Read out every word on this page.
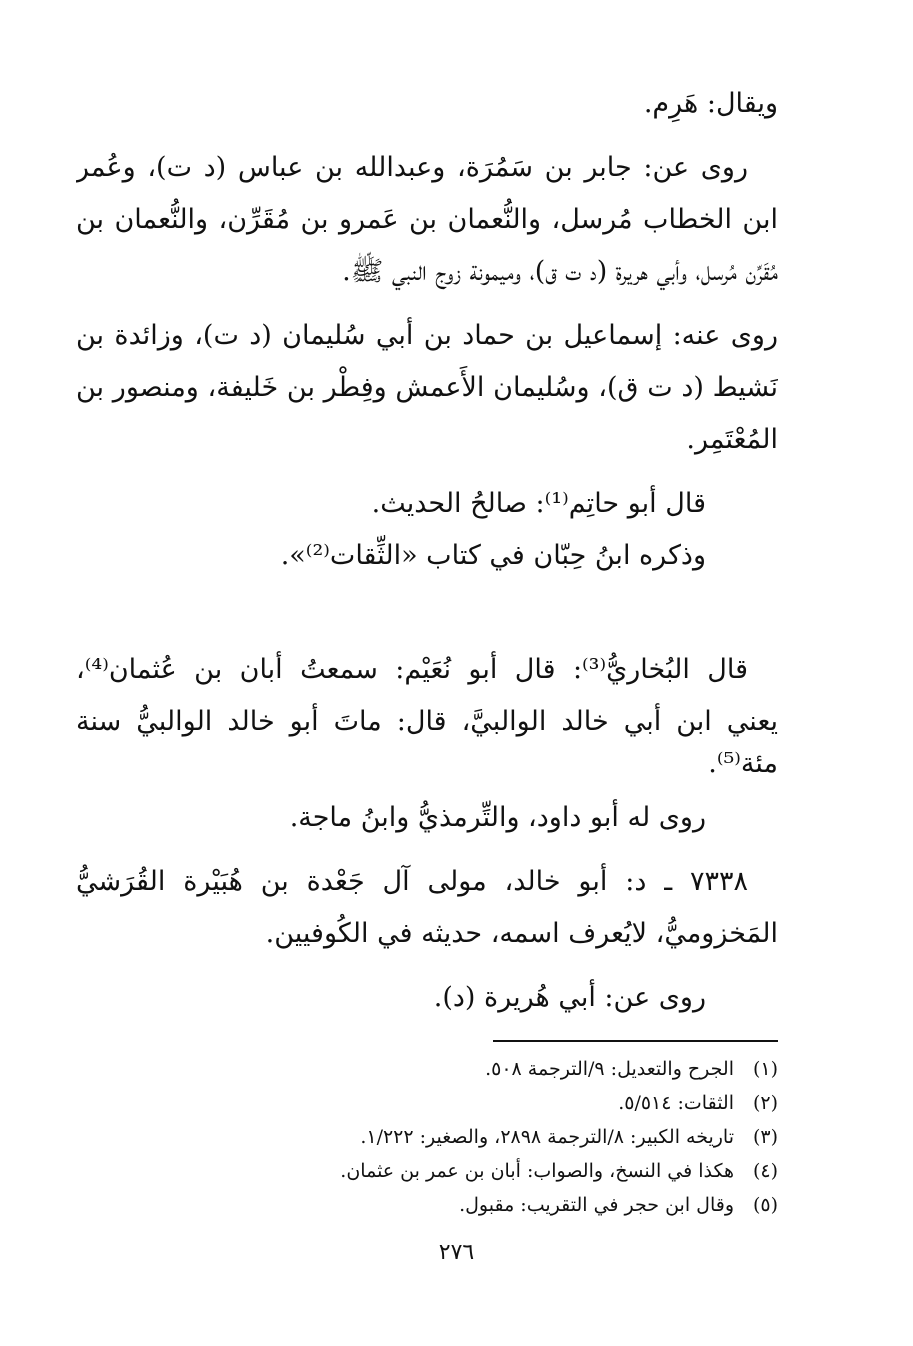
ويقال: هَرِم.
روى عن: جابر بن سَمُرَة، وعبدالله بن عباس (د ت)، وعُمر
ابن الخطاب مُرسل، والنُّعمان بن عَمرو بن مُقَرِّن، والنُّعمان بن
مُقَرِّن مُرسل، وأبي هريرة (د ت ق)، وميمونة زوج النبي ﷺ.
روى عنه: إسماعيل بن حماد بن أبي سُليمان (د ت)، وزائدة بن
نَشيط (د ت ق)، وسُليمان الأَعمش وفِطْر بن خَليفة، ومنصور بن
المُعْتَمِر.
قال أبو حاتِم⁽¹⁾: صالحُ الحديث.
وذكره ابنُ حِبّان في كتاب «الثِّقات⁽²⁾».
قال البُخاريُّ⁽³⁾: قال أبو نُعَيْم: سمعتُ أبان بن عُثمان⁽⁴⁾،
يعني ابن أبي خالد الوالبيَّ، قال: ماتَ أبو خالد الوالبيُّ سنة
مئة⁽⁵⁾.
روى له أبو داود، والتِّرمذيُّ وابنُ ماجة.
٧٣٣٨ ـ د: أبو خالد، مولى آل جَعْدة بن هُبَيْرة القُرَشيُّ
المَخزوميُّ، لايُعرف اسمه، حديثه في الكُوفيين.
روى عن: أبي هُريرة (د).
(١)الجرح والتعديل: ٩/الترجمة ٥٠٨.
(٢)الثقات: ٥/٥١٤.
(٣)تاريخه الكبير: ٨/الترجمة ٢٨٩٨، والصغير: ١/٢٢٢.
(٤)هكذا في النسخ، والصواب: أبان بن عمر بن عثمان.
(٥)وقال ابن حجر في التقريب: مقبول.
٢٧٦
